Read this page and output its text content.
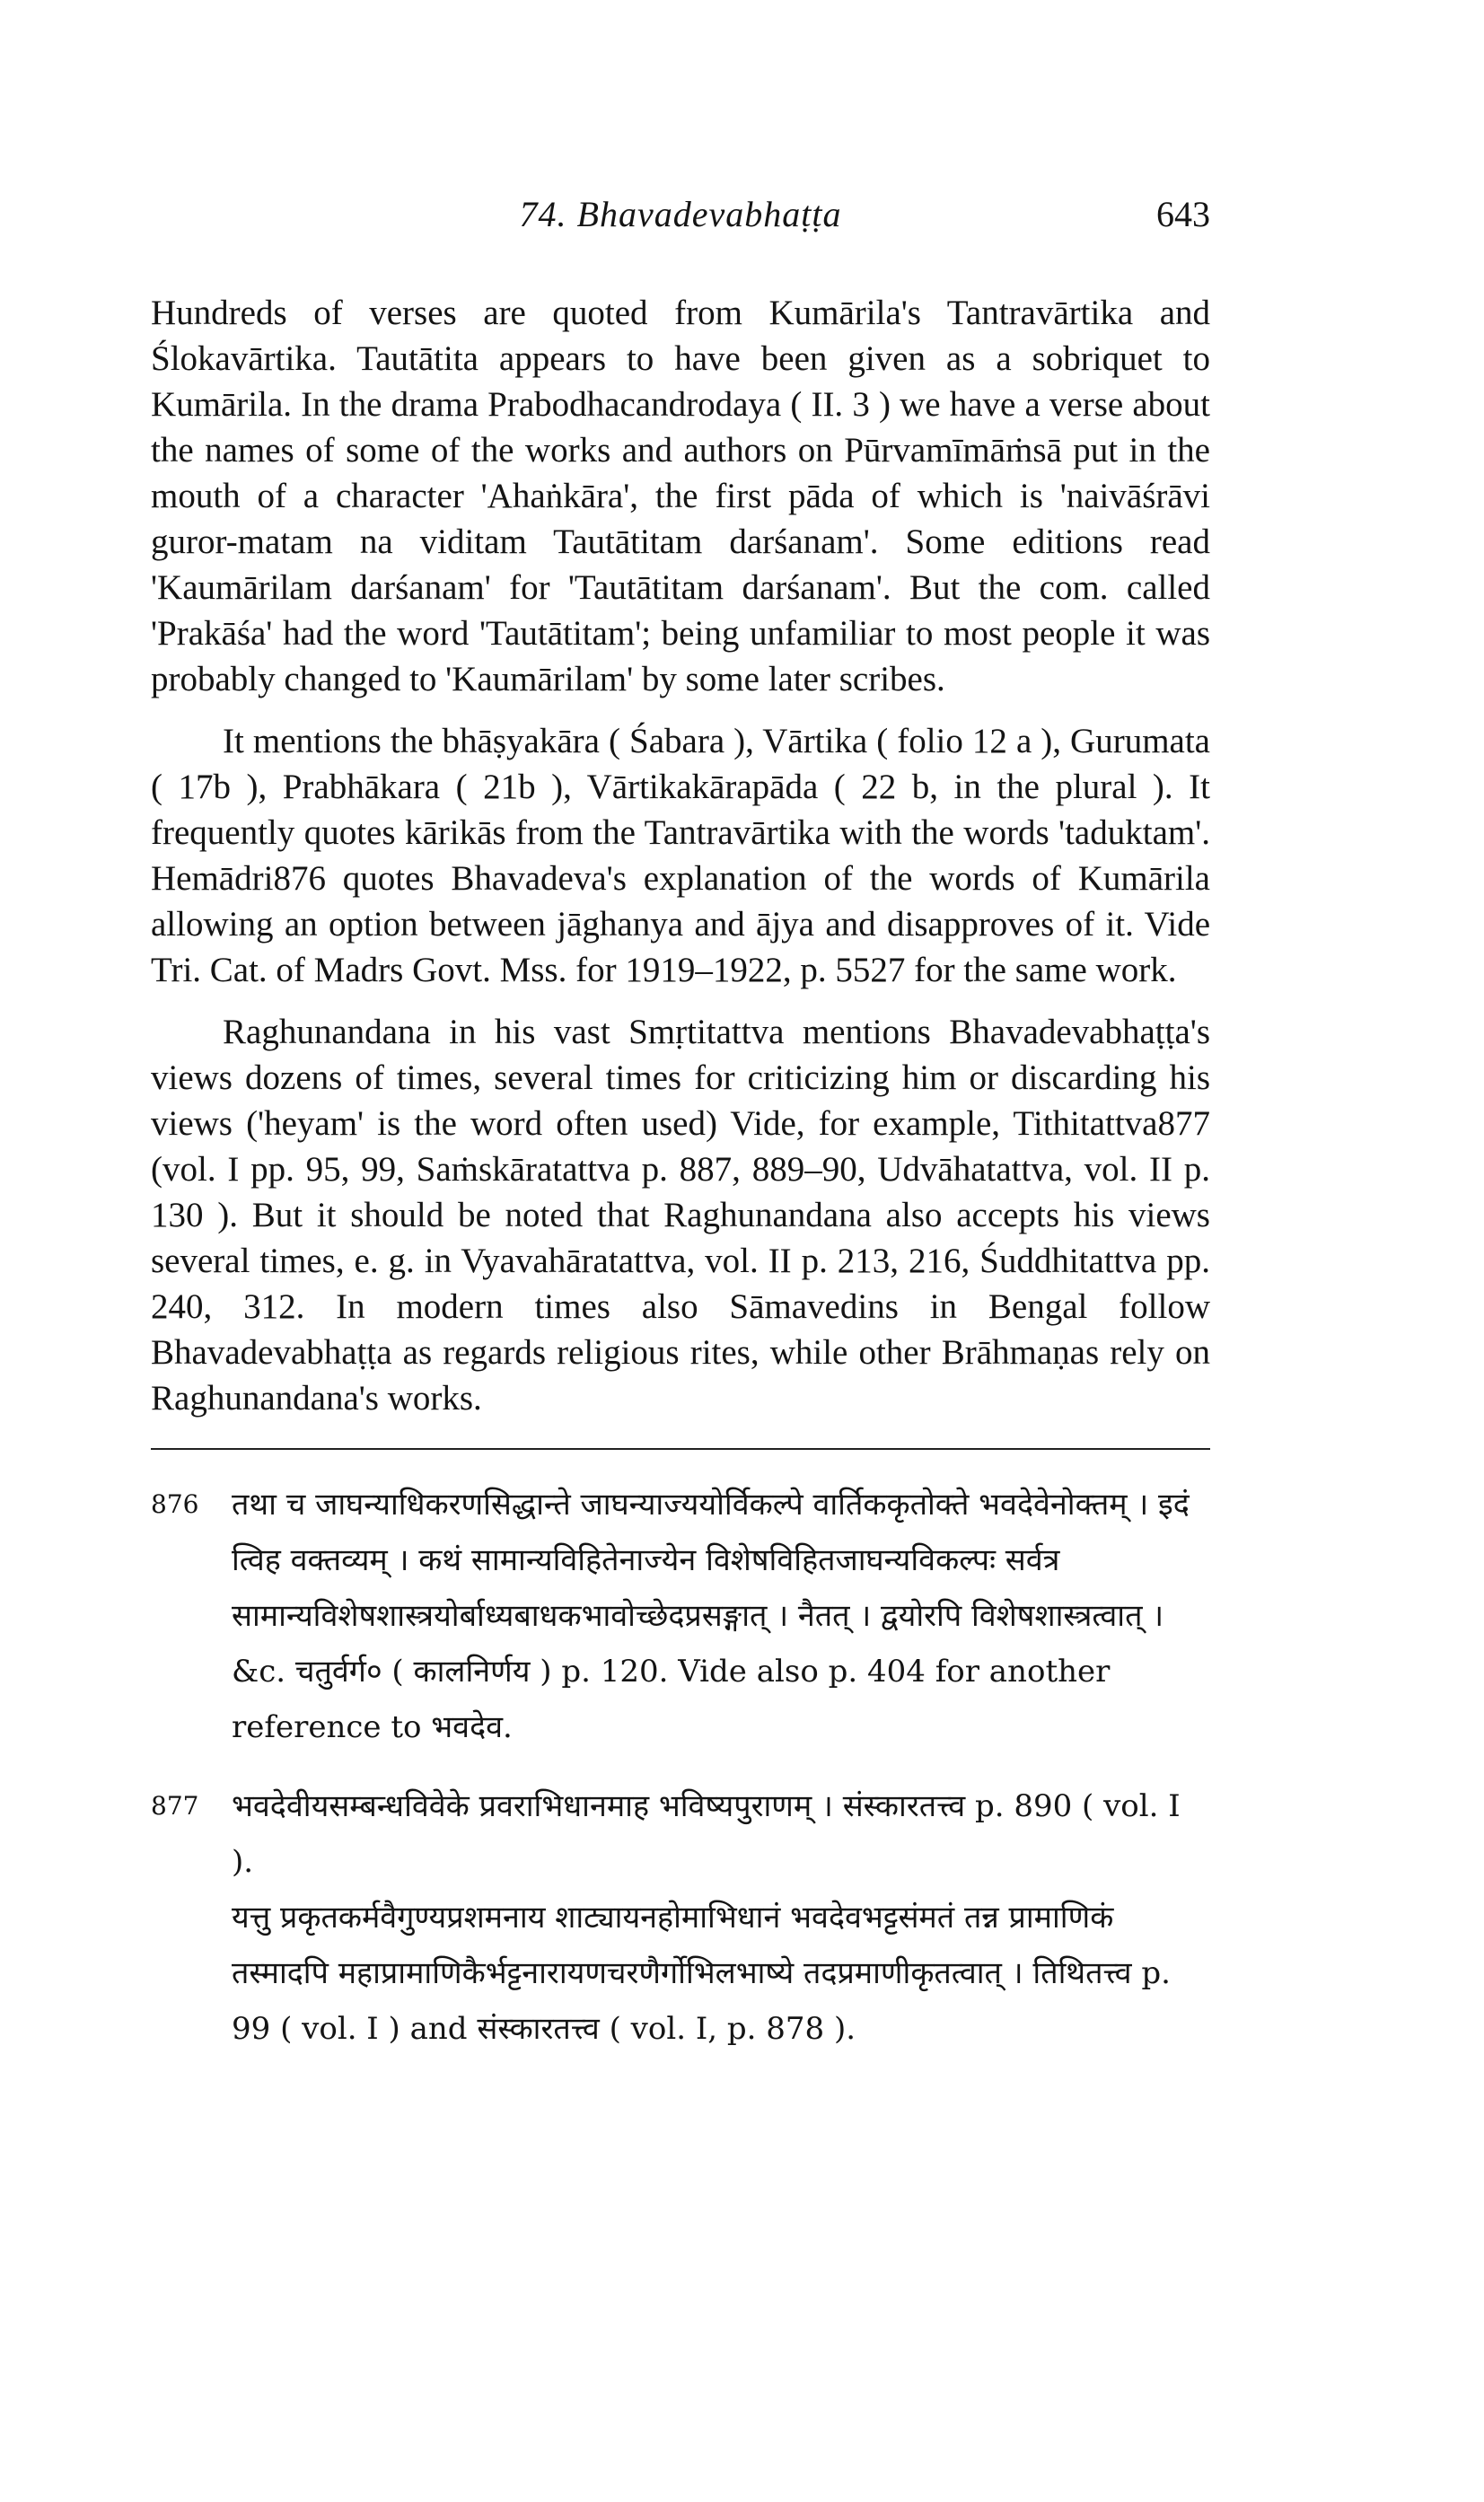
74. Bhavadevabhaṭṭa	643

Hundreds of verses are quoted from Kumārila's Tantravārtika and Ślokavārtika. Tautātita appears to have been given as a sobriquet to Kumārila. In the drama Prabodhacandrodaya ( II. 3 ) we have a verse about the names of some of the works and authors on Pūrvamīmāṁsā put in the mouth of a character 'Ahaṅkāra', the first pāda of which is 'naivāśrāvi guror-matam na viditam Tautātitam darśanam'. Some editions read 'Kaumārilam darśanam' for 'Tautātitam darśanam'. But the com. called 'Prakāśa' had the word 'Tautātitam'; being unfamiliar to most people it was probably changed to 'Kaumārilam' by some later scribes.

It mentions the bhāṣyakāra ( Śabara ), Vārtika ( folio 12 a ), Gurumata ( 17b ), Prabhākara ( 21b ), Vārtikakārapāda ( 22 b, in the plural ). It frequently quotes kārikās from the Tantravārtika with the words 'taduktam'. Hemādri876 quotes Bhavadeva's explanation of the words of Kumārila allowing an option between jāghanya and ājya and disapproves of it. Vide Tri. Cat. of Madrs Govt. Mss. for 1919–1922, p. 5527 for the same work.

Raghunandana in his vast Smṛtitattva mentions Bhavadevabhaṭṭa's views dozens of times, several times for criticizing him or discarding his views ('heyam' is the word often used) Vide, for example, Tithitattva877 (vol. I pp. 95, 99, Saṁskāratattva p. 887, 889–90, Udvāhatattva, vol. II p. 130 ). But it should be noted that Raghunandana also accepts his views several times, e. g. in Vyavahāratattva, vol. II p. 213, 216, Śuddhitattva pp. 240, 312. In modern times also Sāmavedins in Bengal follow Bhavadevabhaṭṭa as regards religious rites, while other Brāhmaṇas rely on Raghunandana's works.

876 तथा च जाघन्याधिकरणसिद्धान्ते जाघन्याज्ययोर्विकल्पे वार्तिककृतोक्ते भवदेवेनोक्तम् । इदं त्विह वक्तव्यम् । कथं सामान्यविहितेनाज्येन विशेषविहितजाघन्यविकल्पः सर्वत्र सामान्यविशेषशास्त्रयोर्बाध्यबाधकभावोच्छेदप्रसङ्गात् । नैतत् । द्वयोरपि विशेषशास्त्रत्वात् । &c. चतुर्वर्ग० ( कालनिर्णय ) p. 120. Vide also p. 404 for another reference to भवदेव.

877 भवदेवीयसम्बन्धविवेके प्रवराभिधानमाह भविष्यपुराणम् । संस्कारतत्त्व p. 890 ( vol. I ).

यत्तु प्रकृतकर्मवैगुण्यप्रशमनाय शाट्यायनहोमाभिधानं भवदेवभट्टसंमतं तन्न प्रामाणिकं तस्मादपि महाप्रामाणिकैर्भट्टनारायणचरणैर्गोभिलभाष्ये तदप्रमाणीकृतत्वात् । तिथितत्त्व p. 99 ( vol. I ) and संस्कारतत्त्व ( vol. I, p. 878 ).
